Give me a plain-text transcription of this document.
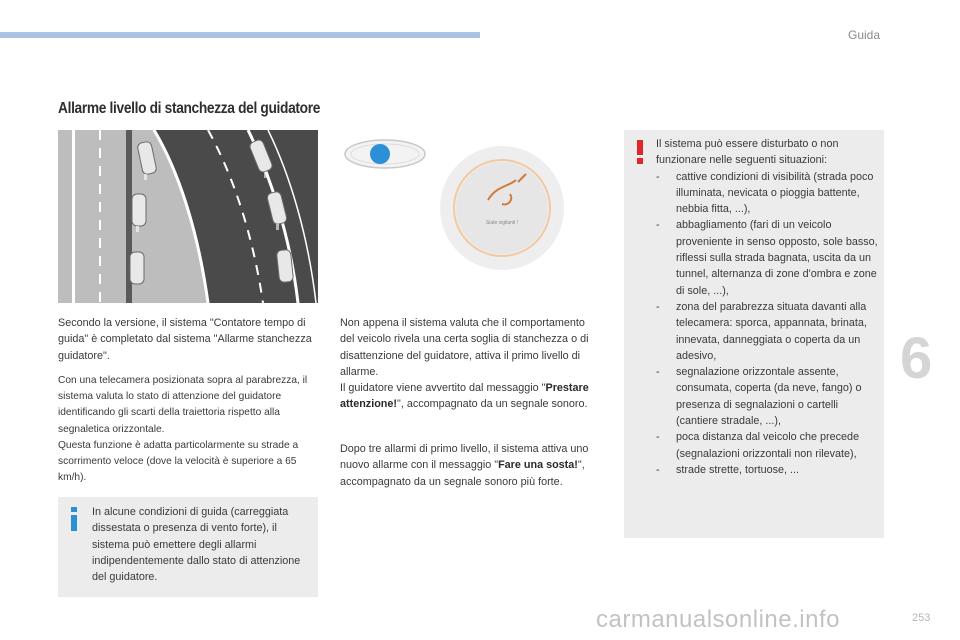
Guida
6
253
Allarme livello di stanchezza del guidatore
Siate vigilanti !
Secondo la versione, il sistema "Contatore tempo di guida" è completato dal sistema "Allarme stanchezza guidatore".
Con una telecamera posizionata sopra al parabrezza, il sistema valuta lo stato di attenzione del guidatore identificando gli scarti della traiettoria rispetto alla segnaletica orizzontale.
Questa funzione è adatta particolarmente su strade a scorrimento veloce (dove la velocità è superiore a 65 km/h).
In alcune condizioni di guida (carreggiata dissestata o presenza di vento forte), il sistema può emettere degli allarmi indipendentemente dallo stato di attenzione del guidatore.
Non appena il sistema valuta che il comportamento del veicolo rivela una certa soglia di stanchezza o di disattenzione del guidatore, attiva il primo livello di allarme.
Il guidatore viene avvertito dal messaggio "Prestare attenzione!", accompagnato da un segnale sonoro.
Dopo tre allarmi di primo livello, il sistema attiva uno nuovo allarme con il messaggio "Fare una sosta!", accompagnato da un segnale sonoro più forte.
Il sistema può essere disturbato o non funzionare nelle seguenti situazioni:
- cattive condizioni di visibilità (strada poco illuminata, nevicata o pioggia battente, nebbia fitta, ...),
- abbagliamento (fari di un veicolo proveniente in senso opposto, sole basso, riflessi sulla strada bagnata, uscita da un tunnel, alternanza di zone d'ombra e zone di sole, ...),
- zona del parabrezza situata davanti alla telecamera: sporca, appannata, brinata, innevata, danneggiata o coperta da un adesivo,
- segnalazione orizzontale assente, consumata, coperta (da neve, fango) o presenza di segnalazioni o cartelli (cantiere stradale, ...),
- poca distanza dal veicolo che precede (segnalazioni orizzontali non rilevate),
- strade strette, tortuose, ...
carmanualsonline.info
